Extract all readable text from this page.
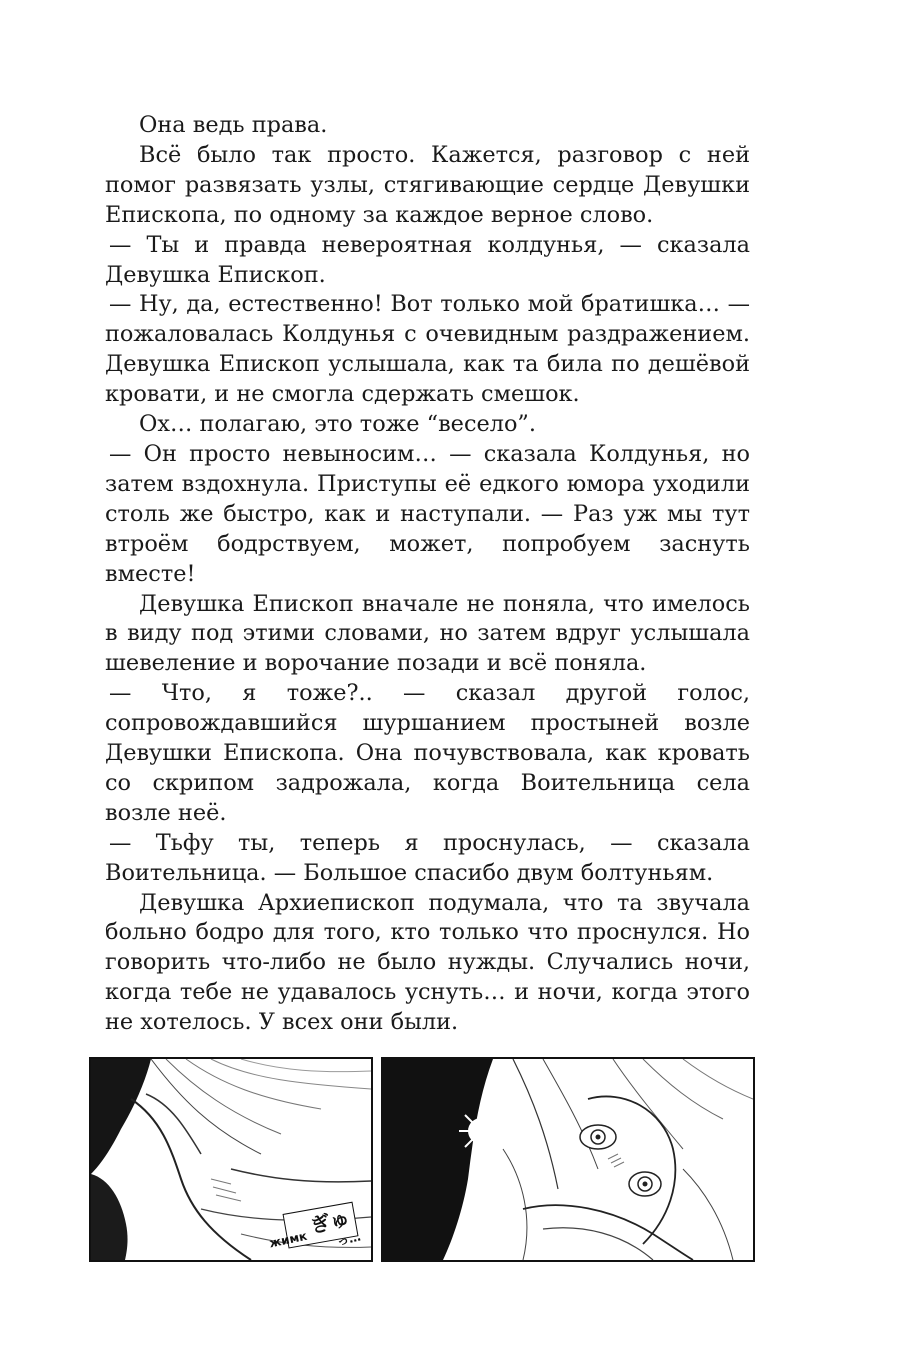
Она ведь права.

Всё было так просто. Кажется, разговор с ней помог развязать узлы, стягивающие сердце Девушки Епископа, по одному за каждое верное слово.

— Ты и правда невероятная колдунья, — сказала Девушка Епископ.

— Ну, да, естественно! Вот только мой братишка… — пожаловалась Колдунья с очевидным раздражением. Девушка Епископ услышала, как та била по дешёвой кровати, и не смогла сдержать смешок.

Ох… полагаю, это тоже “весело”.

— Он просто невыносим… — сказала Колдунья, но затем вздохнула. Приступы её едкого юмора уходили столь же быстро, как и наступали. — Раз уж мы тут втроём бодрствуем, может, попробуем заснуть вместе!

Девушка Епископ вначале не поняла, что имелось в виду под этими словами, но затем вдруг услышала шевеление и ворочание позади и всё поняла.

— Что, я тоже?.. — сказал другой голос, сопровождавшийся шуршанием простыней возле Девушки Епископа. Она почувствовала, как кровать со скрипом задрожала, когда Воительница села возле неё.

— Тьфу ты, теперь я проснулась, — сказала Воительница. — Большое спасибо двум болтуньям.

Девушка Архиепископ подумала, что та звучала больно бодро для того, кто только что проснулся. Но говорить что-либо не было нужды. Случались ночи, когда тебе не удавалось уснуть… и ночи, когда этого не хотелось. У всех они были.

жимк
ぎゅ
っ…
